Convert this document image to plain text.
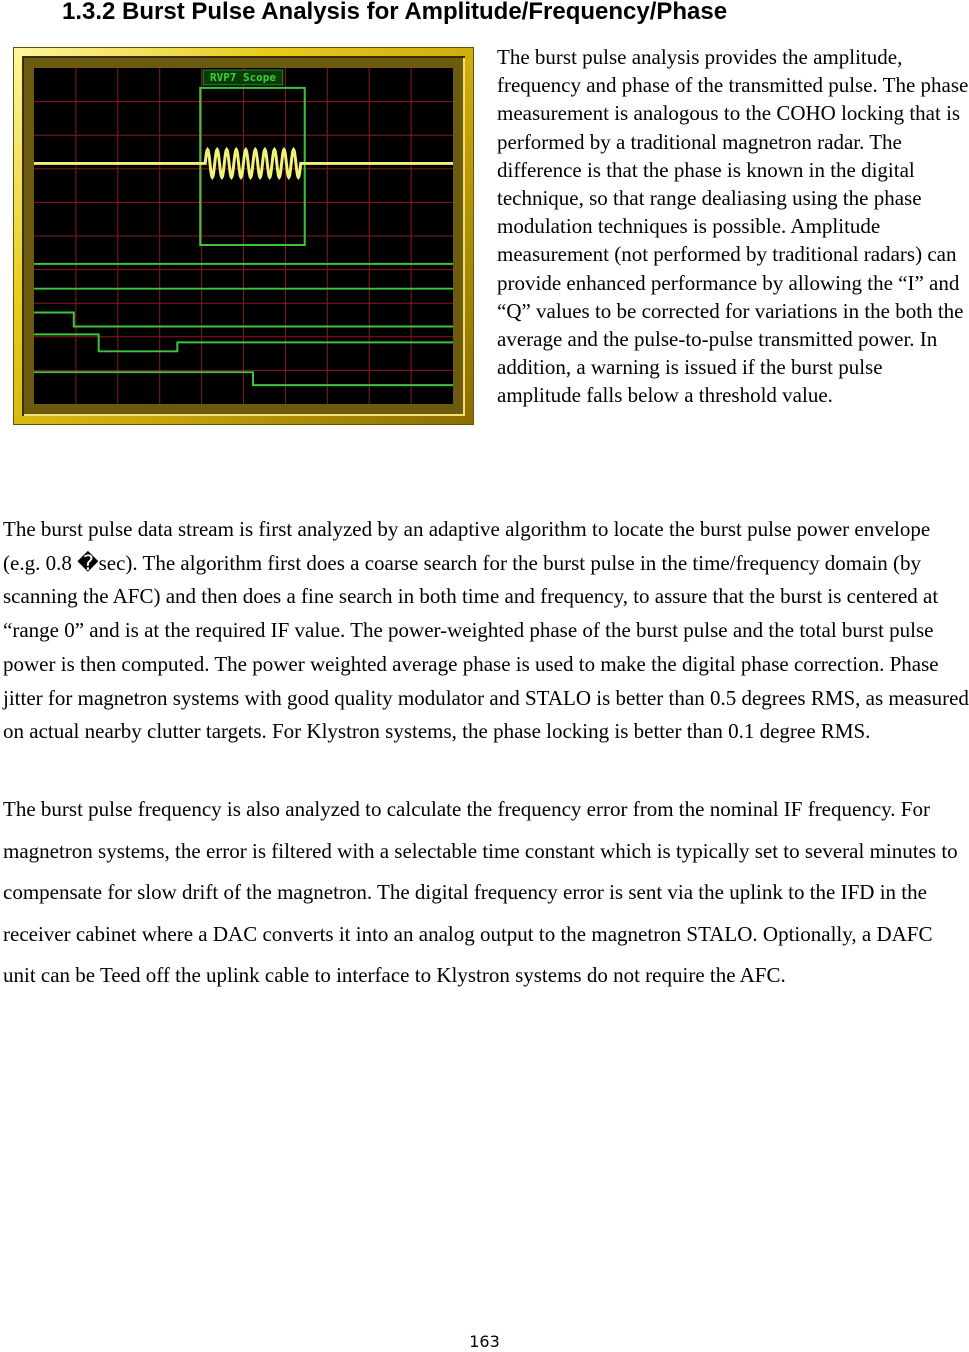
1.3.2 Burst Pulse Analysis for Amplitude/Frequency/Phase
RVP7 Scope

The burst pulse analysis provides the amplitude, frequency and phase of the transmitted pulse. The phase measurement is analogous to the COHO locking that is performed by a traditional magnetron radar. The difference is that the phase is known in the digital technique, so that range dealiasing using the phase modulation techniques is possible. Amplitude measurement (not performed by traditional radars) can provide enhanced performance by allowing the “I” and “Q” values to be corrected for variations in the both the average and the pulse-to-pulse transmitted power. In addition, a warning is issued if the burst pulse amplitude falls below a threshold value.

The burst pulse data stream is first analyzed by an adaptive algorithm to locate the burst pulse power envelope (e.g. 0.8 �sec). The algorithm first does a coarse search for the burst pulse in the time/frequency domain (by scanning the AFC) and then does a fine search in both time and frequency, to assure that the burst is centered at “range 0” and is at the required IF value. The power-weighted phase of the burst pulse and the total burst pulse power is then computed. The power weighted average phase is used to make the digital phase correction. Phase jitter for magnetron systems with good quality modulator and STALO is better than 0.5 degrees RMS, as measured on actual nearby clutter targets. For Klystron systems, the phase locking is better than 0.1 degree RMS.

The burst pulse frequency is also analyzed to calculate the frequency error from the nominal IF frequency. For magnetron systems, the error is filtered with a selectable time constant which is typically set to several minutes to compensate for slow drift of the magnetron. The digital frequency error is sent via the uplink to the IFD in the receiver cabinet where a DAC converts it into an analog output to the magnetron STALO. Optionally, a DAFC unit can be Teed off the uplink cable to interface to Klystron systems do not require the AFC.

163
